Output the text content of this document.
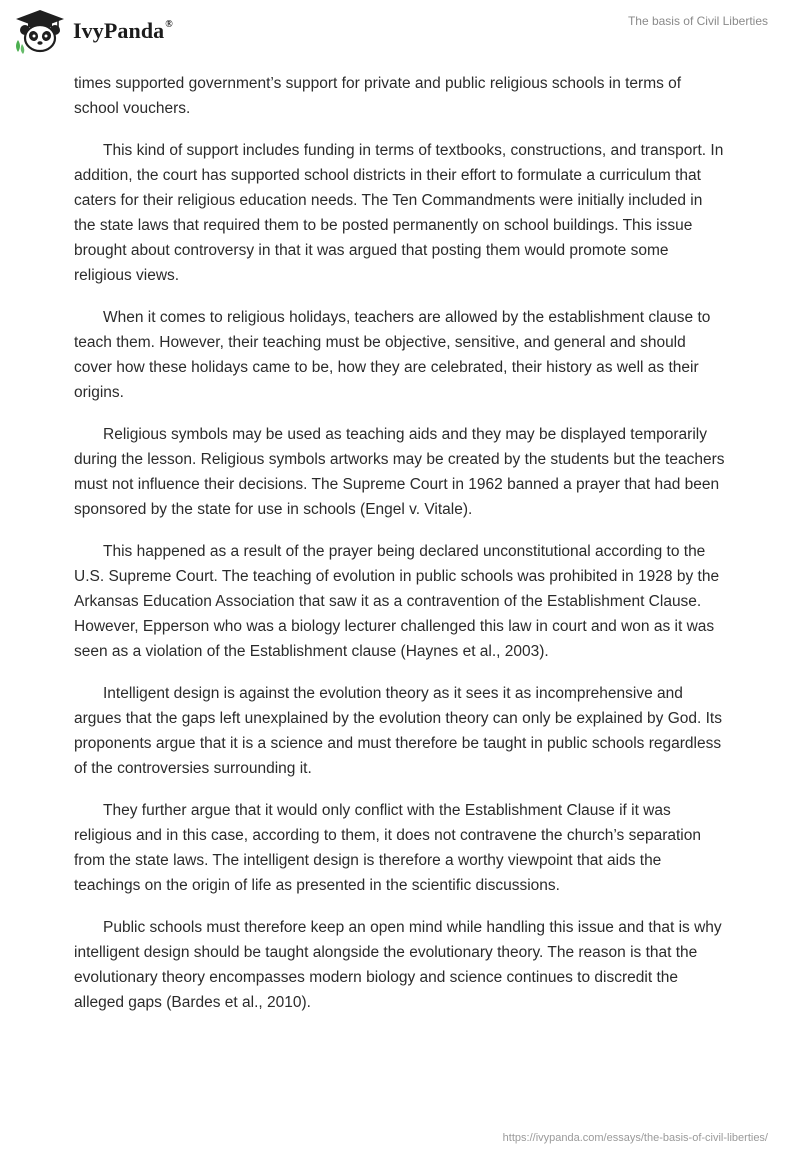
IvyPanda®	The basis of Civil Liberties

times supported government’s support for private and public religious schools in terms of school vouchers.

This kind of support includes funding in terms of textbooks, constructions, and transport. In addition, the court has supported school districts in their effort to formulate a curriculum that caters for their religious education needs. The Ten Commandments were initially included in the state laws that required them to be posted permanently on school buildings. This issue brought about controversy in that it was argued that posting them would promote some religious views.

When it comes to religious holidays, teachers are allowed by the establishment clause to teach them. However, their teaching must be objective, sensitive, and general and should cover how these holidays came to be, how they are celebrated, their history as well as their origins.

Religious symbols may be used as teaching aids and they may be displayed temporarily during the lesson. Religious symbols artworks may be created by the students but the teachers must not influence their decisions. The Supreme Court in 1962 banned a prayer that had been sponsored by the state for use in schools (Engel v. Vitale).

This happened as a result of the prayer being declared unconstitutional according to the U.S. Supreme Court. The teaching of evolution in public schools was prohibited in 1928 by the Arkansas Education Association that saw it as a contravention of the Establishment Clause. However, Epperson who was a biology lecturer challenged this law in court and won as it was seen as a violation of the Establishment clause (Haynes et al., 2003).

Intelligent design is against the evolution theory as it sees it as incomprehensive and argues that the gaps left unexplained by the evolution theory can only be explained by God. Its proponents argue that it is a science and must therefore be taught in public schools regardless of the controversies surrounding it.

They further argue that it would only conflict with the Establishment Clause if it was religious and in this case, according to them, it does not contravene the church’s separation from the state laws. The intelligent design is therefore a worthy viewpoint that aids the teachings on the origin of life as presented in the scientific discussions.

Public schools must therefore keep an open mind while handling this issue and that is why intelligent design should be taught alongside the evolutionary theory. The reason is that the evolutionary theory encompasses modern biology and science continues to discredit the alleged gaps (Bardes et al., 2010).

https://ivypanda.com/essays/the-basis-of-civil-liberties/
